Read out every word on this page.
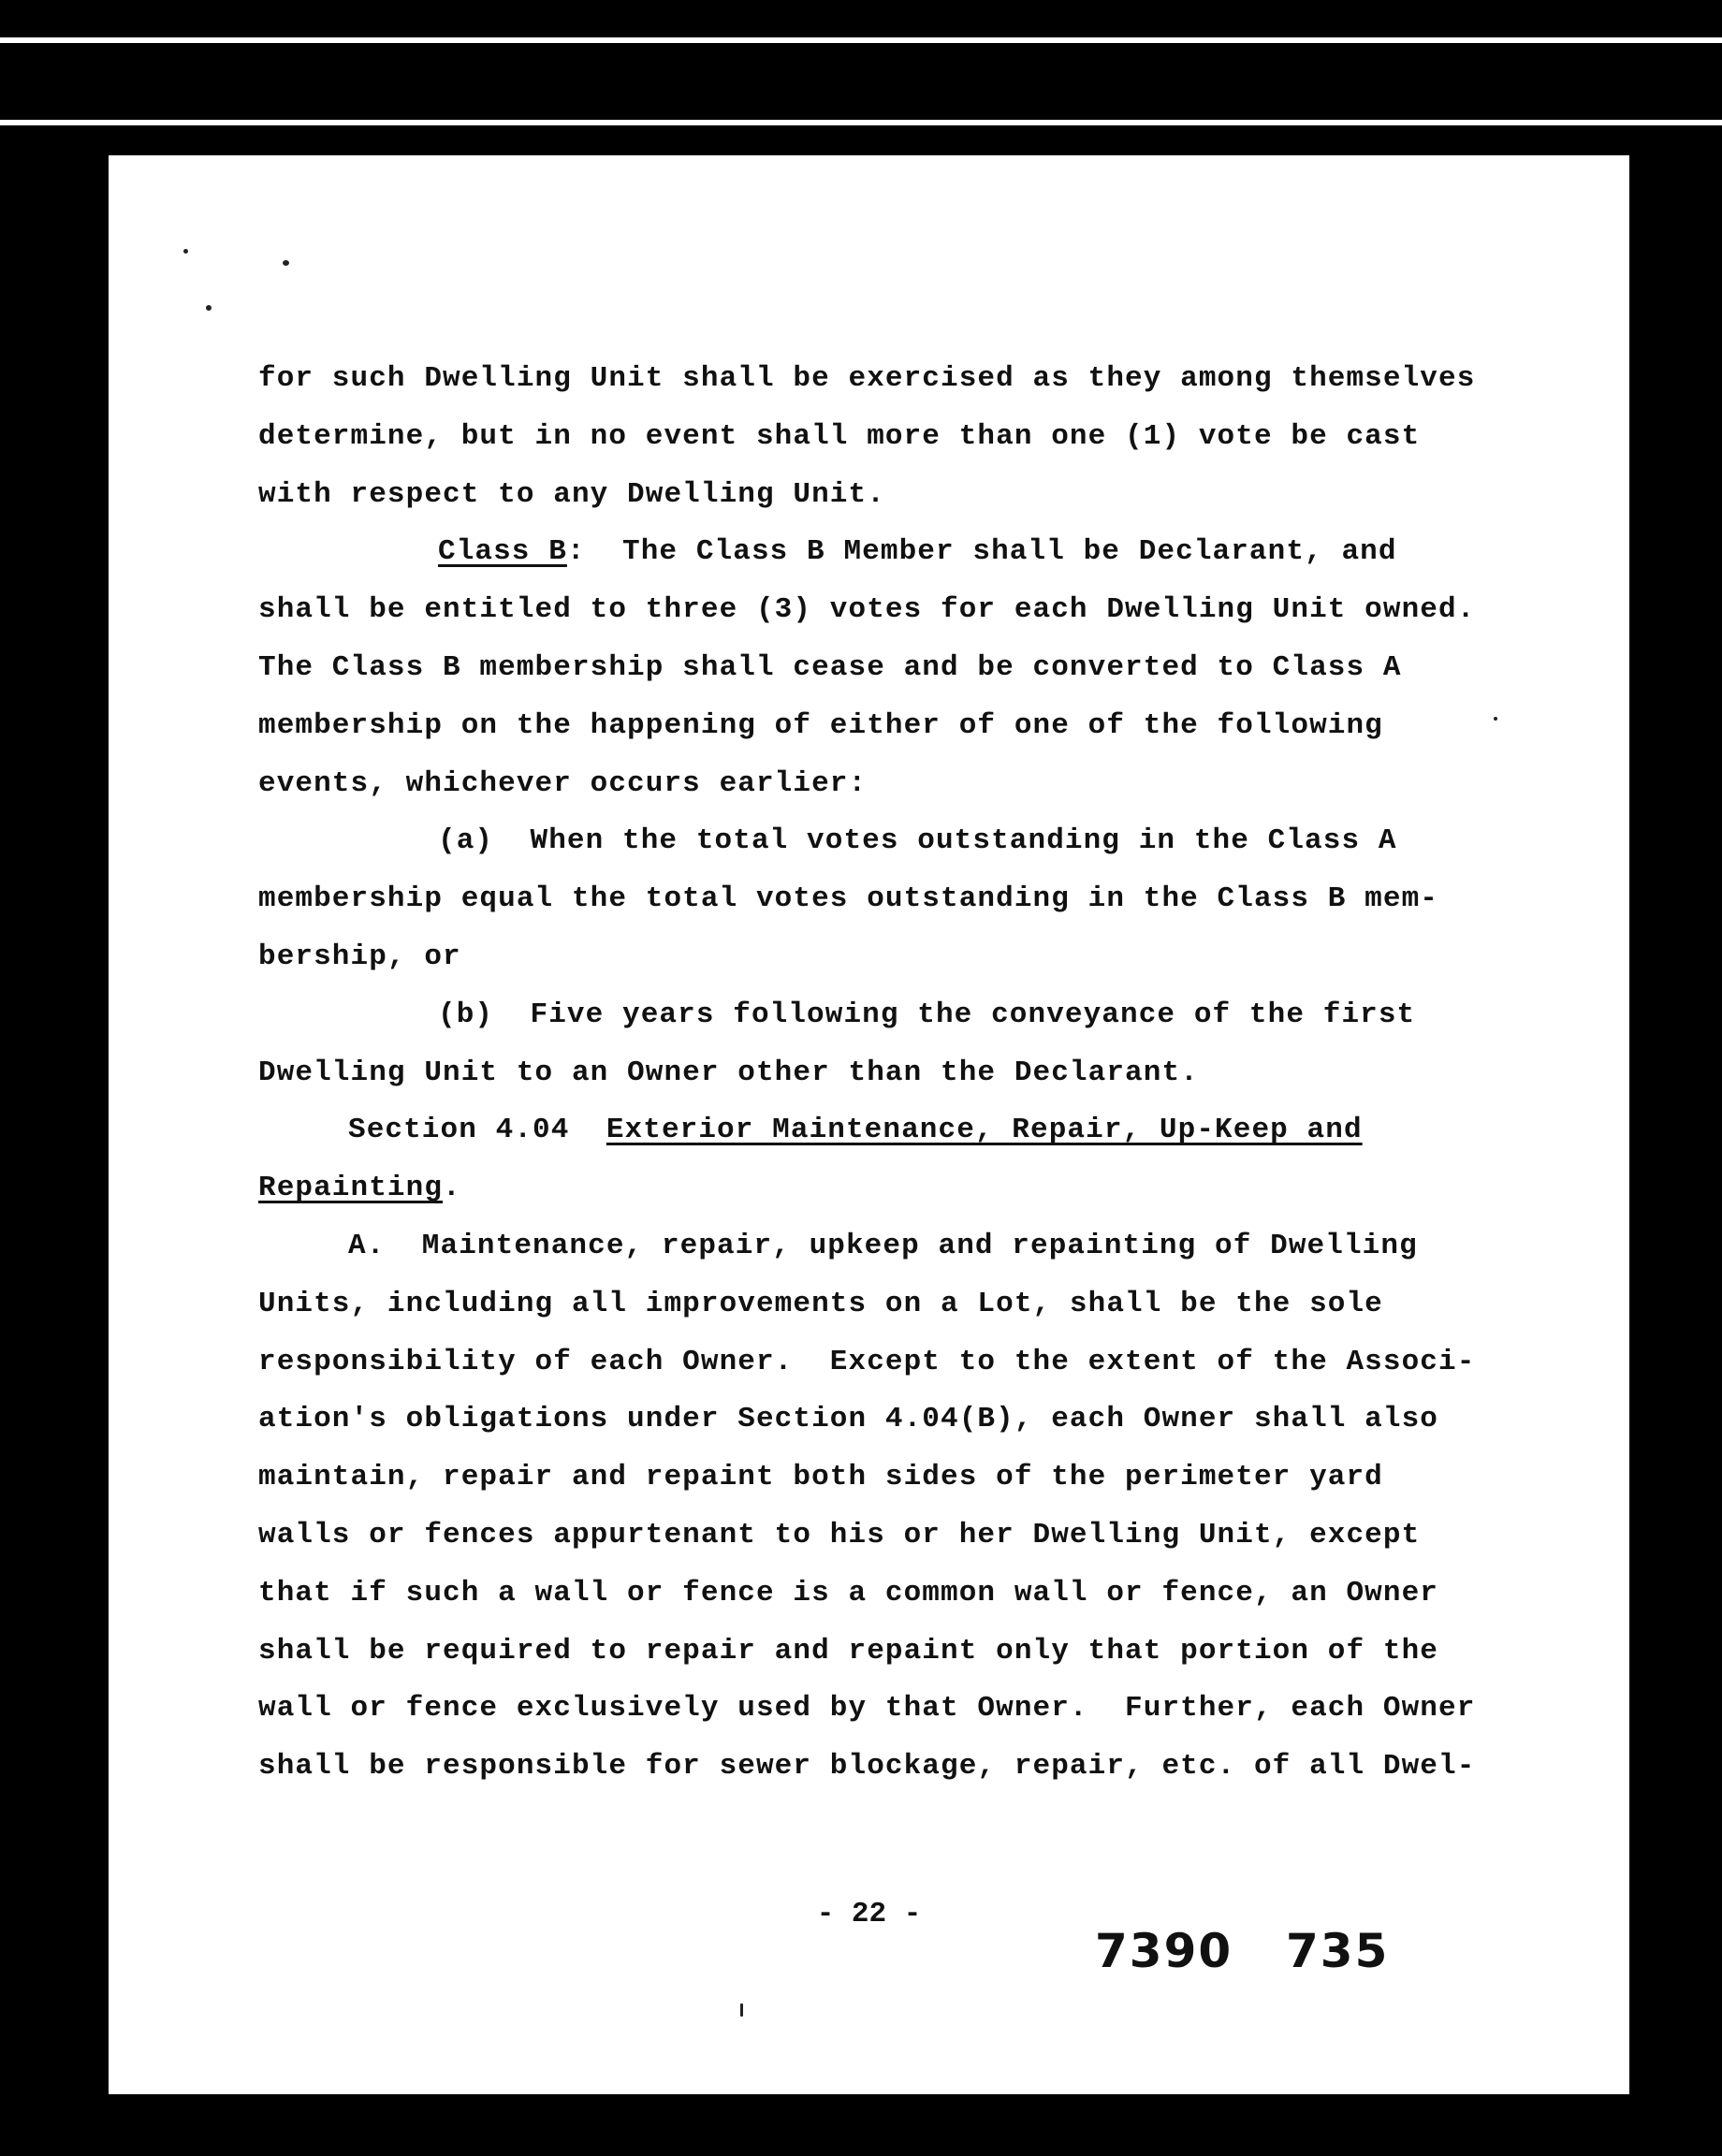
for such Dwelling Unit shall be exercised as they among themselves
determine, but in no event shall more than one (1) vote be cast
with respect to any Dwelling Unit.
Class B:  The Class B Member shall be Declarant, and
shall be entitled to three (3) votes for each Dwelling Unit owned.
The Class B membership shall cease and be converted to Class A
membership on the happening of either of one of the following
events, whichever occurs earlier:
(a)  When the total votes outstanding in the Class A
membership equal the total votes outstanding in the Class B mem-
bership, or
(b)  Five years following the conveyance of the first
Dwelling Unit to an Owner other than the Declarant.
Section 4.04  Exterior Maintenance, Repair, Up-Keep and
Repainting.
A.  Maintenance, repair, upkeep and repainting of Dwelling
Units, including all improvements on a Lot, shall be the sole
responsibility of each Owner.  Except to the extent of the Associ-
ation's obligations under Section 4.04(B), each Owner shall also
maintain, repair and repaint both sides of the perimeter yard
walls or fences appurtenant to his or her Dwelling Unit, except
that if such a wall or fence is a common wall or fence, an Owner
shall be required to repair and repaint only that portion of the
wall or fence exclusively used by that Owner.  Further, each Owner
shall be responsible for sewer blockage, repair, etc. of all Dwel-
- 22 -
7390 735
